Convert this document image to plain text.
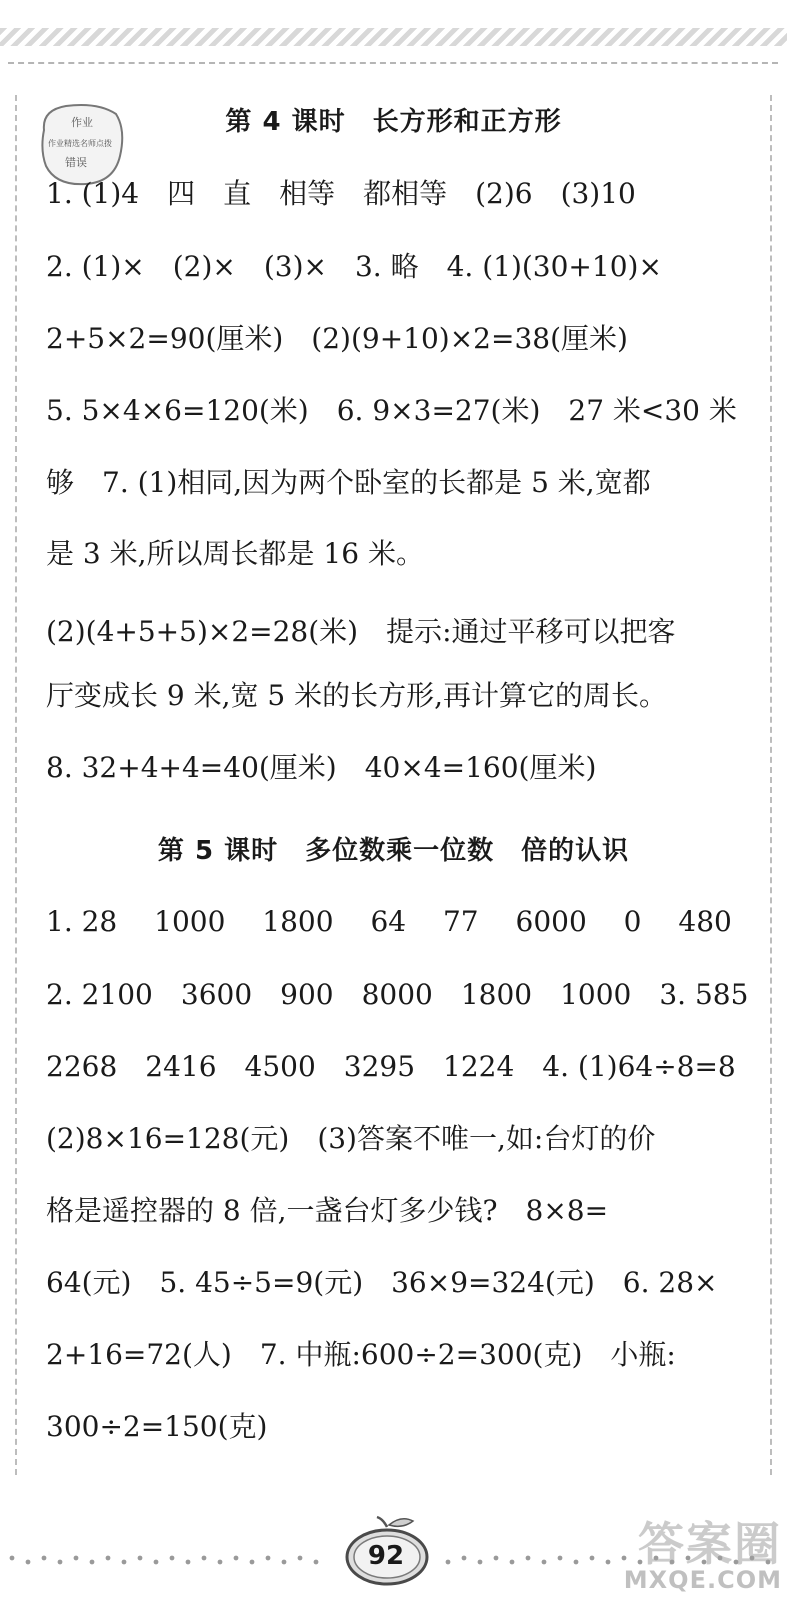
作业
作业精选名师点拨
错误
第 4 课时　长方形和正方形
1. (1)4　四　直　相等　都相等　(2)6　(3)10
2. (1)×　(2)×　(3)×　3. 略　4. (1)(30+10)×
2+5×2=90(厘米)　(2)(9+10)×2=38(厘米)
5. 5×4×6=120(米)　6. 9×3=27(米)　27 米<30 米
够　7. (1)相同,因为两个卧室的长都是 5 米,宽都
是 3 米,所以周长都是 16 米。
(2)(4+5+5)×2=28(米)　提示:通过平移可以把客
厅变成长 9 米,宽 5 米的长方形,再计算它的周长。
8. 32+4+4=40(厘米)　40×4=160(厘米)
第 5 课时　多位数乘一位数　倍的认识
1. 28　 1000　 1800　 64　 77　 6000　 0　 480
2. 2100　3600　900　8000　1800　1000　3. 585
2268　2416　4500　3295　1224　4. (1)64÷8=8
(2)8×16=128(元)　(3)答案不唯一,如:台灯的价
格是遥控器的 8 倍,一盏台灯多少钱?　8×8=
64(元)　5. 45÷5=9(元)　36×9=324(元)　6. 28×
2+16=72(人)　7. 中瓶:600÷2=300(克)　小瓶:
300÷2=150(克)
92	答案圈
MXQE.COM
